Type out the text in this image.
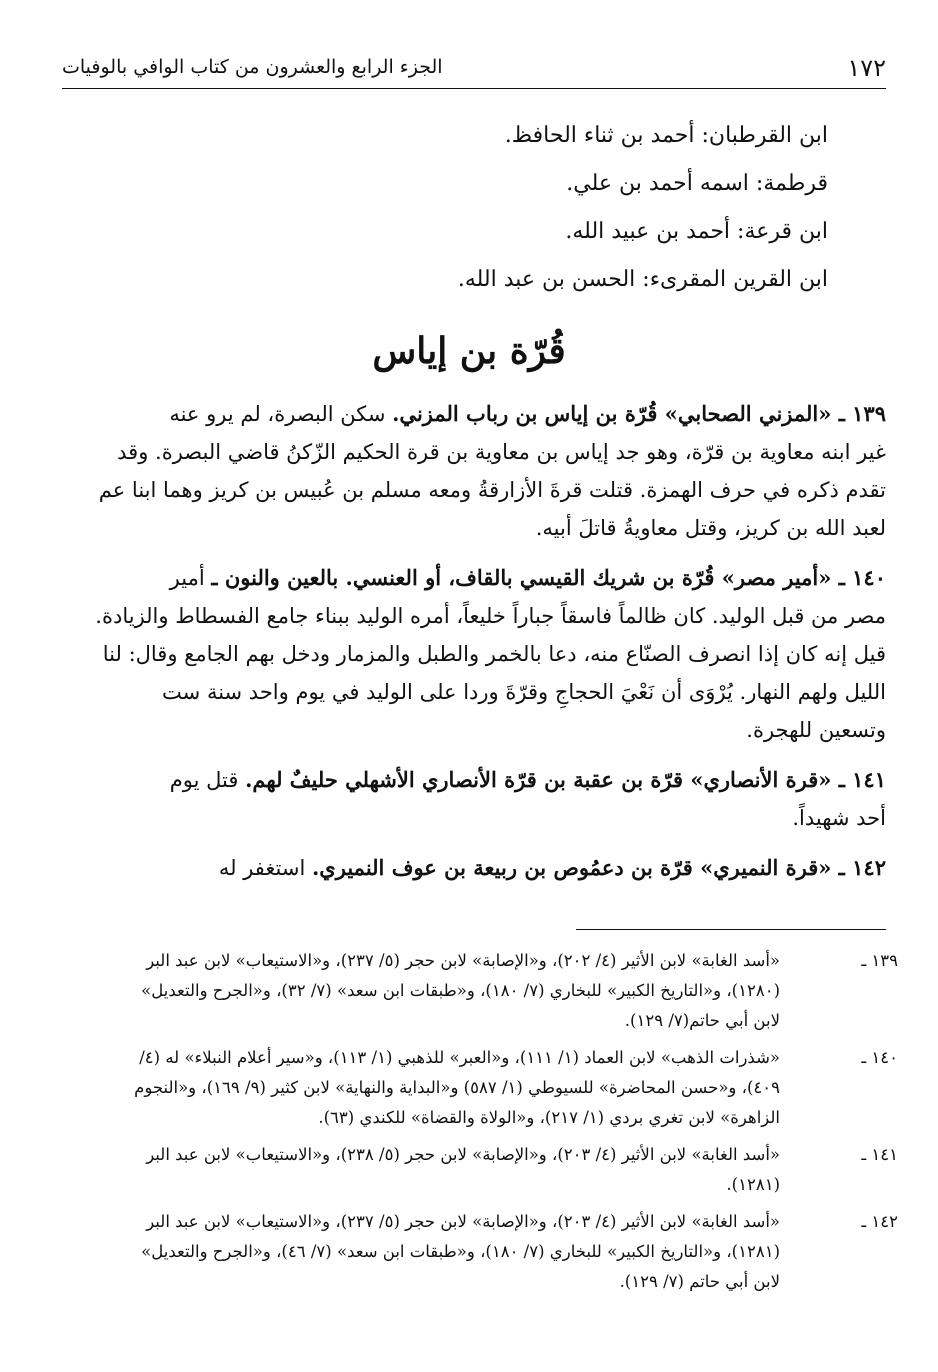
١٧٢
الجزء الرابع والعشرون من كتاب الوافي بالوفيات
ابن القرطبان: أحمد بن ثناء الحافظ.
قرطمة: اسمه أحمد بن علي.
ابن قرعة: أحمد بن عبيد الله.
ابن القرين المقرىء: الحسن بن عبد الله.
قُرّة بن إياس
١٣٩ ـ «المزني الصحابي» قُرّة بن إياس بن رباب المزني. سكن البصرة، لم يرو عنه
غير ابنه معاوية بن قرّة، وهو جد إياس بن معاوية بن قرة الحكيم الزّكنُ قاضي البصرة. وقد
تقدم ذكره في حرف الهمزة. قتلت قرةَ الأزارقةُ ومعه مسلم بن عُبيس بن كريز وهما ابنا عم
لعبد الله بن كريز، وقتل معاويةُ قاتلَ أبيه.
١٤٠ ـ «أمير مصر» قُرّة بن شريك القيسي بالقاف، أو العنسي. بالعين والنون ـ أمير
مصر من قبل الوليد. كان ظالماً فاسقاً جباراً خليعاً، أمره الوليد ببناء جامع الفسطاط والزيادة.
قيل إنه كان إذا انصرف الصنّاع منه، دعا بالخمر والطبل والمزمار ودخل بهم الجامع وقال: لنا
الليل ولهم النهار. يُرْوَى أن نَعْيَ الحجاجِ وقرّةَ وردا على الوليد في يوم واحد سنة ست
وتسعين للهجرة.
١٤١ ـ «قرة الأنصاري» قرّة بن عقبة بن قرّة الأنصاري الأشهلي حليفٌ لهم. قتل يوم
أحد شهيداً.
١٤٢ ـ «قرة النميري» قرّة بن دعمُوص بن ربيعة بن عوف النميري. استغفر له
١٣٩ ـ
«أسد الغابة» لابن الأثير (٤/ ٢٠٢)، و«الإصابة» لابن حجر (٥/ ٢٣٧)، و«الاستيعاب» لابن عبد البر
(١٢٨٠)، و«التاريخ الكبير» للبخاري (٧/ ١٨٠)، و«طبقات ابن سعد» (٧/ ٣٢)، و«الجرح والتعديل»
لابن أبي حاتم(٧/ ١٢٩).
١٤٠ ـ
«شذرات الذهب» لابن العماد (١/ ١١١)، و«العبر» للذهبي (١/ ١١٣)، و«سير أعلام النبلاء» له (٤/
٤٠٩)، و«حسن المحاضرة» للسيوطي (١/ ٥٨٧) و«البداية والنهاية» لابن كثير (٩/ ١٦٩)، و«النجوم
الزاهرة» لابن تغري بردي (١/ ٢١٧)، و«الولاة والقضاة» للكندي (٦٣).
١٤١ ـ
«أسد الغابة» لابن الأثير (٤/ ٢٠٣)، و«الإصابة» لابن حجر (٥/ ٢٣٨)، و«الاستيعاب» لابن عبد البر
(١٢٨١).
١٤٢ ـ
«أسد الغابة» لابن الأثير (٤/ ٢٠٣)، و«الإصابة» لابن حجر (٥/ ٢٣٧)، و«الاستيعاب» لابن عبد البر
(١٢٨١)، و«التاريخ الكبير» للبخاري (٧/ ١٨٠)، و«طبقات ابن سعد» (٧/ ٤٦)، و«الجرح والتعديل»
لابن أبي حاتم (٧/ ١٢٩).
